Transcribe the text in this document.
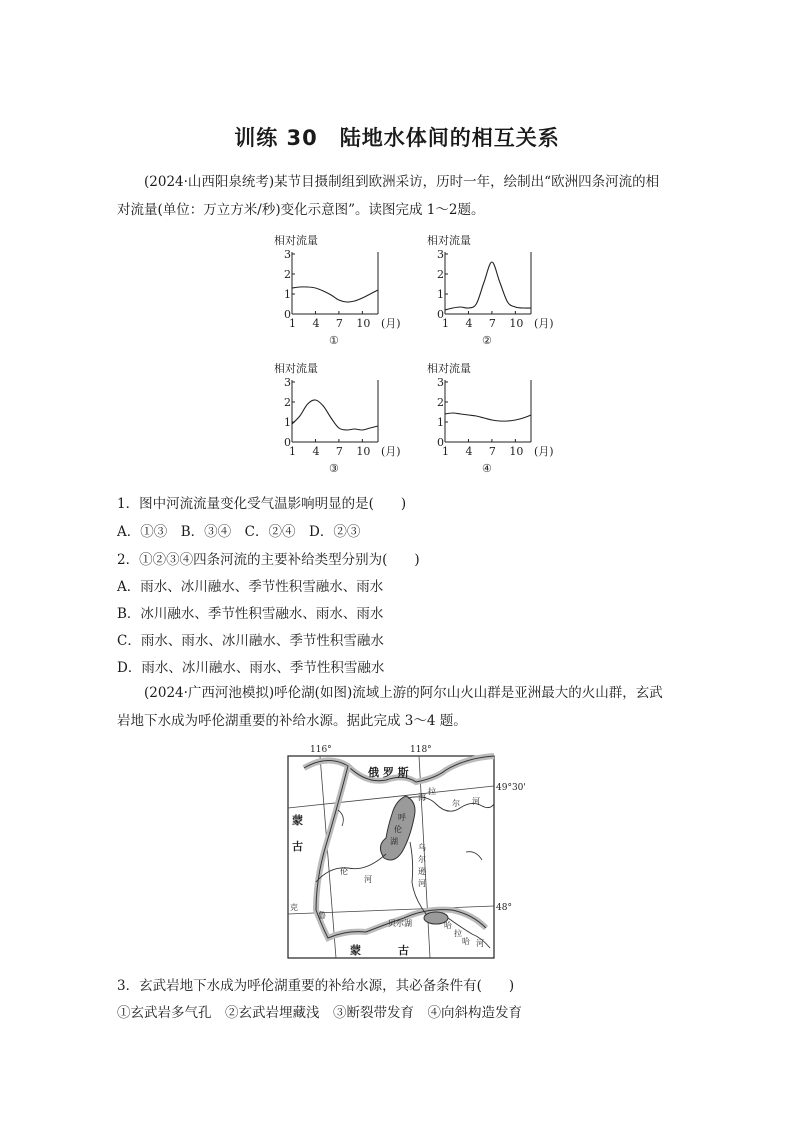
训练 30　陆地水体间的相互关系
(2024·山西阳泉统考)某节目摄制组到欧洲采访，历时一年，绘制出“欧洲四条河流的相
对流量(单位：万立方米/秒)变化示意图”。读图完成 1～2题。
相对流量
0
1
2
3
1 4 7 10 (月)
①
相对流量
0
1
2
3
1 4 7 10 (月)
②
相对流量
0
1
2
3
1 4 7 10 (月)
③
相对流量
0
1
2
3
1 4 7 10 (月)
④
1．图中河流流量变化受气温影响明显的是(　　)
A．①③　B．③④　C．②④　D．②③
2．①②③④四条河流的主要补给类型分别为(　　)
A．雨水、冰川融水、季节性积雪融水、雨水
B．冰川融水、季节性积雪融水、雨水、雨水
C．雨水、雨水、冰川融水、季节性积雪融水
D．雨水、冰川融水、雨水、季节性积雪融水
(2024·广西河池模拟)呼伦湖(如图)流域上游的阿尔山火山群是亚洲最大的火山群，玄武
岩地下水成为呼伦湖重要的补给水源。据此完成 3～4 题。
116°	118°
49°30'
48°
俄 罗 斯
蒙
古
蒙	古
海
拉
尔 河
呼
伦
湖
乌
尔
逊
河
克
鲁
伦
河
贝尔湖	哈
拉
哈 河
3．玄武岩地下水成为呼伦湖重要的补给水源，其必备条件有(　　)
①玄武岩多气孔　②玄武岩埋藏浅　③断裂带发育　④向斜构造发育
